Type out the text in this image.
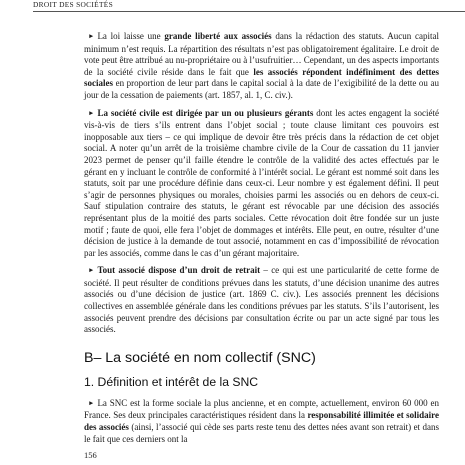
DROIT DES SOCIÉTÉS

► La loi laisse une grande liberté aux associés dans la rédaction des statuts. Aucun capital minimum n’est requis. La répartition des résultats n’est pas obligatoirement égalitaire. Le droit de vote peut être attribué au nu-propriétaire ou à l’usufruitier… Cependant, un des aspects importants de la société civile réside dans le fait que les associés répondent indéfiniment des dettes sociales en proportion de leur part dans le capital social à la date de l’exigibilité de la dette ou au jour de la cessation de paiements (art. 1857, al. 1, C. civ.).

► La société civile est dirigée par un ou plusieurs gérants dont les actes engagent la société vis-à-vis de tiers s’ils entrent dans l’objet social ; toute clause limitant ces pouvoirs est inopposable aux tiers – ce qui implique de devoir être très précis dans la rédaction de cet objet social. A noter qu’un arrêt de la troisième chambre civile de la Cour de cassation du 11 janvier 2023 permet de penser qu’il faille étendre le contrôle de la validité des actes effectués par le gérant en y incluant le contrôle de conformité à l’intérêt social. Le gérant est nommé soit dans les statuts, soit par une procédure définie dans ceux-ci. Leur nombre y est également défini. Il peut s’agir de personnes physiques ou morales, choisies parmi les associés ou en dehors de ceux-ci. Sauf stipulation contraire des statuts, le gérant est révocable par une décision des associés représentant plus de la moitié des parts sociales. Cette révocation doit être fondée sur un juste motif ; faute de quoi, elle fera l’objet de dommages et intérêts. Elle peut, en outre, résulter d’une décision de justice à la demande de tout associé, notamment en cas d’impossibilité de révocation par les associés, comme dans le cas d’un gérant majoritaire.

► Tout associé dispose d’un droit de retrait – ce qui est une particularité de cette forme de société. Il peut résulter de conditions prévues dans les statuts, d’une décision unanime des autres associés ou d’une décision de justice (art. 1869 C. civ.). Les associés prennent les décisions collectives en assemblée générale dans les conditions prévues par les statuts. S’ils l’autorisent, les associés peuvent prendre des décisions par consultation écrite ou par un acte signé par tous les associés.

B– La société en nom collectif (SNC)
1. Définition et intérêt de la SNC

► La SNC est la forme sociale la plus ancienne, et en compte, actuellement, environ 60 000 en France. Ses deux principales caractéristiques résident dans la responsabilité illimitée et solidaire des associés (ainsi, l’associé qui cède ses parts reste tenu des dettes nées avant son retrait) et dans le fait que ces derniers ont la

156
